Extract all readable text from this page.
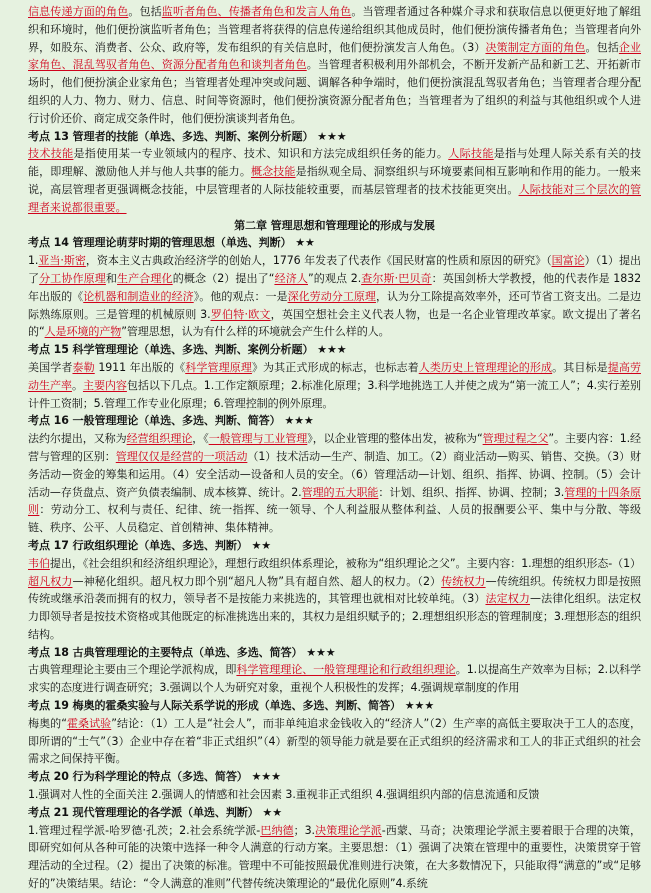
信息传递方面的角色。包括监听者角色、传播者角色和发言人角色。当管理者通过各种媒介寻求和获取信息以便更好地了解组织和环境时，他们便扮演监听者角色；当管理者将获得的信息传递给组织其他成员时，他们便扮演传播者角色；当管理者向外界，如股东、消费者、公众、政府等，发布组织的有关信息时，他们便扮演发言人角色。（3）决策制定方面的角色。包括企业家角色、混乱驾驭者角色、资源分配者角色和谈判者角色。当管理者积极利用外部机会，不断开发新产品和新工艺、开拓新市场时，他们便扮演企业家角色；当管理者处理冲突或问题、调解各种争端时，他们便扮演混乱驾驭者角色；当管理者合理分配组织的人力、物力、财力、信息、时间等资源时，他们便扮演资源分配者角色；当管理者为了组织的利益与其他组织或个人进行讨价还价、商定成交条件时，他们便扮演谈判者角色。

考点 13 管理者的技能（单选、多选、判断、案例分析题） ★★★

技术技能是指使用某一专业领域内的程序、技术、知识和方法完成组织任务的能力。人际技能是指与处理人际关系有关的技能，即理解、激励他人并与他人共事的能力。概念技能是指纵观全局、洞察组织与环境要素间相互影响和作用的能力。一般来说，高层管理者更强调概念技能，中层管理者的人际技能较重要，而基层管理者的技术技能更突出。人际技能对三个层次的管理者来说都很重要。

第二章 管理思想和管理理论的形成与发展

考点 14 管理理论萌芽时期的管理思想（单选、判断） ★★

1.亚当·斯密，资本主义古典政治经济学的创始人，1776 年发表了代表作《国民财富的性质和原因的研究》（国富论）（1）提出了分工协作原理和生产合理化的概念（2）提出了“经济人”的观点 2.查尔斯·巴贝奇：英国剑桥大学教授，他的代表作是 1832 年出版的《论机器和制造业的经济》。他的观点：一是深化劳动分工原理，认为分工除提高效率外，还可节省工资支出。二是边际熟练原则。三是管理的机械原则 3.罗伯特·欧文，英国空想社会主义代表人物，也是一名企业管理改革家。欧文提出了著名的“人是环境的产物”管理思想，认为有什么样的环境就会产生什么样的人。

考点 15 科学管理理论（单选、多选、判断、案例分析题） ★★★

美国学者泰勒 1911 年出版的《科学管理原理》为其正式形成的标志，也标志着人类历史上管理理论的形成。其目标是提高劳动生产率。主要内容包括以下几点。1.工作定额原理；2.标准化原理；3.科学地挑选工人并使之成为“第一流工人”；4.实行差别计件工资制；5.管理工作专业化原理；6.管理控制的例外原理。

考点 16 一般管理理论（单选、多选、判断、简答） ★★★

法约尔提出，又称为经营组织理论，《一般管理与工业管理》，以企业管理的整体出发，被称为“管理过程之父”。主要内容：1.经营与管理的区别：管理仅仅是经营的一项活动（1）技术活动—生产、制造、加工。（2）商业活动—购买、销售、交换。（3）财务活动—资金的筹集和运用。（4）安全活动—设备和人员的安全。（6）管理活动—计划、组织、指挥、协调、控制。（5）会计活动—存货盘点、资产负债表编制、成本核算、统计。2.管理的五大职能：计划、组织、指挥、协调、控制；3.管理的十四条原则：劳动分工、权利与责任、纪律、统一指挥、统一领导、个人利益服从整体利益、人员的报酬要公平、集中与分散、等级链、秩序、公平、人员稳定、首创精神、集体精神。

考点 17 行政组织理论（单选、多选、判断） ★★

韦伯提出，《社会组织和经济组织理论》，理想行政组织体系理论，被称为“组织理论之父”。主要内容：1.理想的组织形态-（1）超凡权力—神秘化组织。超凡权力即个别“超凡人物”具有超自然、超人的权力。（2）传统权力—传统组织。传统权力即是按照传统或继承沿袭而拥有的权力，领导者不是按能力来挑选的，其管理也就相对比较单纯。（3）法定权力—法律化组织。法定权力即领导者是按技术资格或其他既定的标准挑选出来的，其权力是组织赋予的；2.理想组织形态的管理制度；3.理想形态的组织结构。

考点 18 古典管理理论的主要特点（单选、多选、简答） ★★★

古典管理理论主要由三个理论学派构成，即科学管理理论、一般管理理论和行政组织理论。1.以提高生产效率为目标；2.以科学求实的态度进行调查研究；3.强调以个人为研究对象，重视个人积极性的发挥；4.强调规章制度的作用

考点 19 梅奥的霍桑实验与人际关系学说的形成（单选、多选、判断、简答） ★★★

梅奥的“霍桑试验”结论：（1）工人是“社会人”，而非单纯追求金钱收入的“经济人”（2）生产率的高低主要取决于工人的态度，即所谓的“士气”（3）企业中存在着“非正式组织”（4）新型的领导能力就是要在正式组织的经济需求和工人的非正式组织的社会需求之间保持平衡。

考点 20 行为科学理论的特点（多选、简答） ★★★

1.强调对人性的全面关注 2.强调人的情感和社会因素 3.重视非正式组织 4.强调组织内部的信息流通和反馈

考点 21 现代管理理论的各学派（单选、判断） ★★

1.管理过程学派-哈罗德·孔茨；2.社会系统学派-巴纳德；3.决策理论学派-西蒙、马奇；决策理论学派主要着眼于合理的决策，即研究如何从各种可能的决策中选择一种令人满意的行动方案。主要思想：（1）强调了决策在管理中的重要性，决策贯穿于管理活动的全过程。（2）提出了决策的标准。管理中不可能按照最优准则进行决策，在大多数情况下，只能取得“满意的”或“足够好的”决策结果。结论：“令人满意的准则”代替传统决策理论的“最优化原则”4.系统
